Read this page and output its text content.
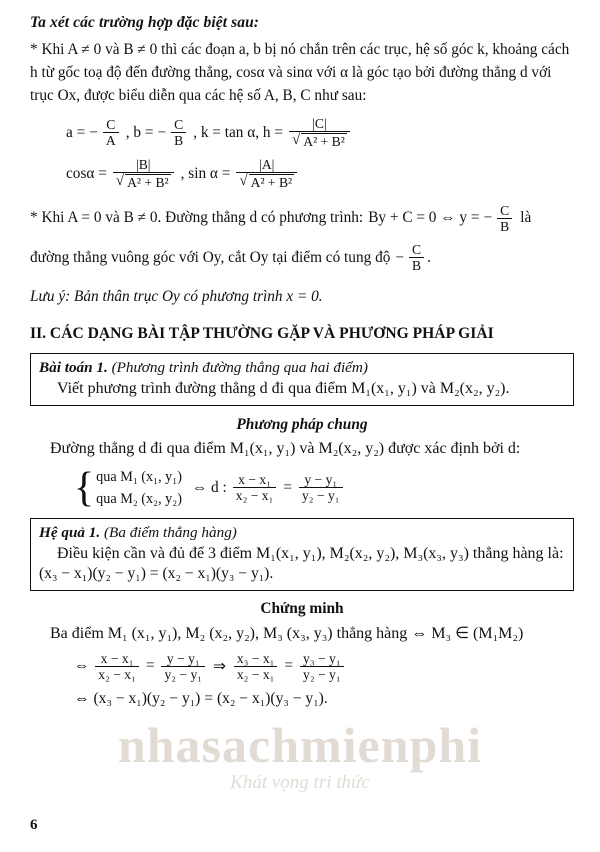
nhasachmienphi
Khát vọng tri thức
Ta xét các trường hợp đặc biệt sau:

* Khi A ≠ 0 và B ≠ 0 thì các đoạn a, b bị nó chắn trên các trục, hệ số góc k, khoảng cách h từ gốc toạ độ đến đường thẳng, cosα và sinα với α là góc tạo bởi đường thẳng d với trục Ox, được biểu diễn qua các hệ số A, B, C như sau:

a = − $\frac{C}{A}$ , b = − $\frac{C}{B}$ , k = tan α, $h = \frac{|C|}{\text{√ A² + B²}}$
$\cos\alpha = \frac{|B|}{\text{√ A² + B²}}$ , $\sin \alpha = \frac{|A|}{\text{√ A² + B²}}$
* Khi A = 0 và B ≠ 0. Đường thẳng d có phương trình: By + C = 0 ⇔ y = − $\frac{C}{B}$ là
đường thẳng vuông góc với Oy, cắt Oy tại điểm có tung độ − $\frac{C}{B}$ .

Lưu ý: Bản thân trục Oy có phương trình x = 0.

II. CÁC DẠNG BÀI TẬP THƯỜNG GẶP VÀ PHƯƠNG PHÁP GIẢI
Bài toán 1. (Phương trình đường thẳng qua hai điểm)
Viết phương trình đường thẳng d đi qua điểm M₁(x₁, y₁) và M₂(x₂, y₂).
Phương pháp chung
Đường thẳng d đi qua điểm M₁(x₁, y₁) và M₂(x₂, y₂) được xác định bởi d:
{ qua M₁ (x₁, y₁)
qua M₂ (x₂, y₂)
⇔ d : $\frac{\text{x − x₁}}{\text{x₂ − x₁}} = \frac{\text{y − y₁}}{\text{y₂ − y₁}}$
Hệ quả 1. (Ba điểm thẳng hàng)
Điều kiện cần và đủ để 3 điểm M₁(x₁, y₁), M₂(x₂, y₂), M₃(x₃, y₃) thẳng hàng là:
(x₃ − x₁)(y₂ − y₁) = (x₂ − x₁)(y₃ − y₁).
Chứng minh
Ba điểm M₁ (x₁, y₁), M₂ (x₂, y₂), M₃ (x₃, y₃) thẳng hàng ⇔ M₃ ∈ (M₁M₂)
⇔ $\frac{\text{x − x₁}}{\text{x₂ − x₁}} = \frac{\text{y − y₁}}{\text{y₂ − y₁}}$ ⇒ $\frac{\text{x₃ − x₁}}{\text{x₂ − x₁}} = \frac{\text{y₃ − y₁}}{\text{y₂ − y₁}}$
⇔ (x₃ − x₁)(y₂ − y₁) = (x₂ − x₁)(y₃ − y₁).
6
